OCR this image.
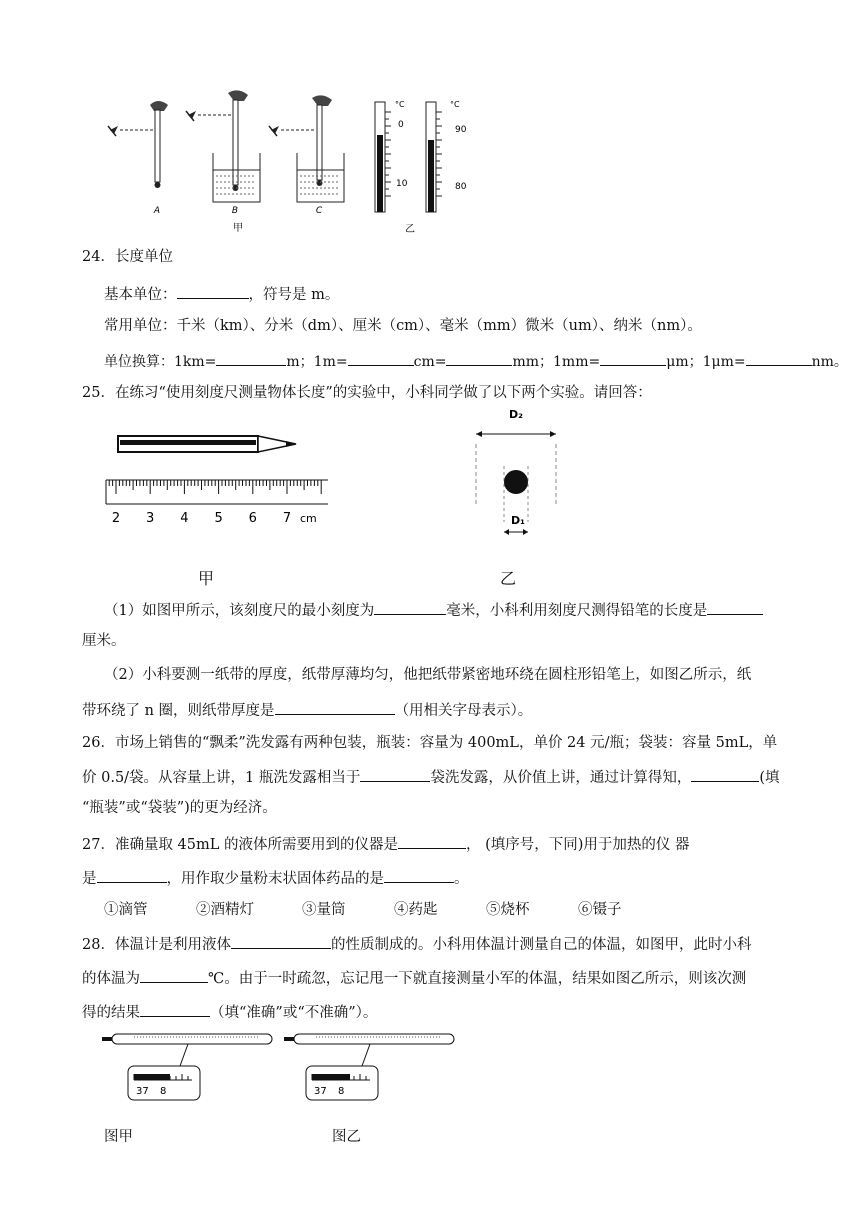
A	B	C
甲
°C
0
10
°C
90
80
乙
24．长度单位
基本单位：	，符号是 m。
常用单位：千米（km）、分米（dm）、厘米（cm）、毫米（mm）微米（um）、纳米（nm）。
单位换算：1km=	m；1m=	cm=	mm；1mm=	μm；1μm=	nm。
25．在练习“使用刻度尺测量物体长度”的实验中，小科同学做了以下两个实验。请回答：
2 3 4 5 6 7 cm
甲
D₂
D₁
乙
（1）如图甲所示，该刻度尺的最小刻度为	毫米，小科利用刻度尺测得铅笔的长度是
厘米。
（2）小科要测一纸带的厚度，纸带厚薄均匀，他把纸带紧密地环绕在圆柱形铅笔上，如图乙所示，纸
带环绕了 n 圈，则纸带厚度是	（用相关字母表示）。
26．市场上销售的“飘柔”洗发露有两种包装，瓶装：容量为 400mL，单价 24 元/瓶；袋装：容量 5mL，单
价 0.5/袋。从容量上讲，1 瓶洗发露相当于	袋洗发露，从价值上讲，通过计算得知，	(填
“瓶装”或“袋装”)的更为经济。
27．准确量取 45mL 的液体所需要用到的仪器是	， (填序号，下同)用于加热的仪 器
是	，用作取少量粉末状固体药品的是	。
①滴管	②酒精灯	③量筒	④药匙	⑤烧杯	⑥镊子
28．体温计是利用液体	的性质制成的。小科用体温计测量自己的体温，如图甲，此时小科
的体温为	℃。由于一时疏忽，忘记甩一下就直接测量小军的体温，结果如图乙所示，则该次测
得的结果	（填“准确”或“不准确”）。
37 8	37 8
图甲	图乙
